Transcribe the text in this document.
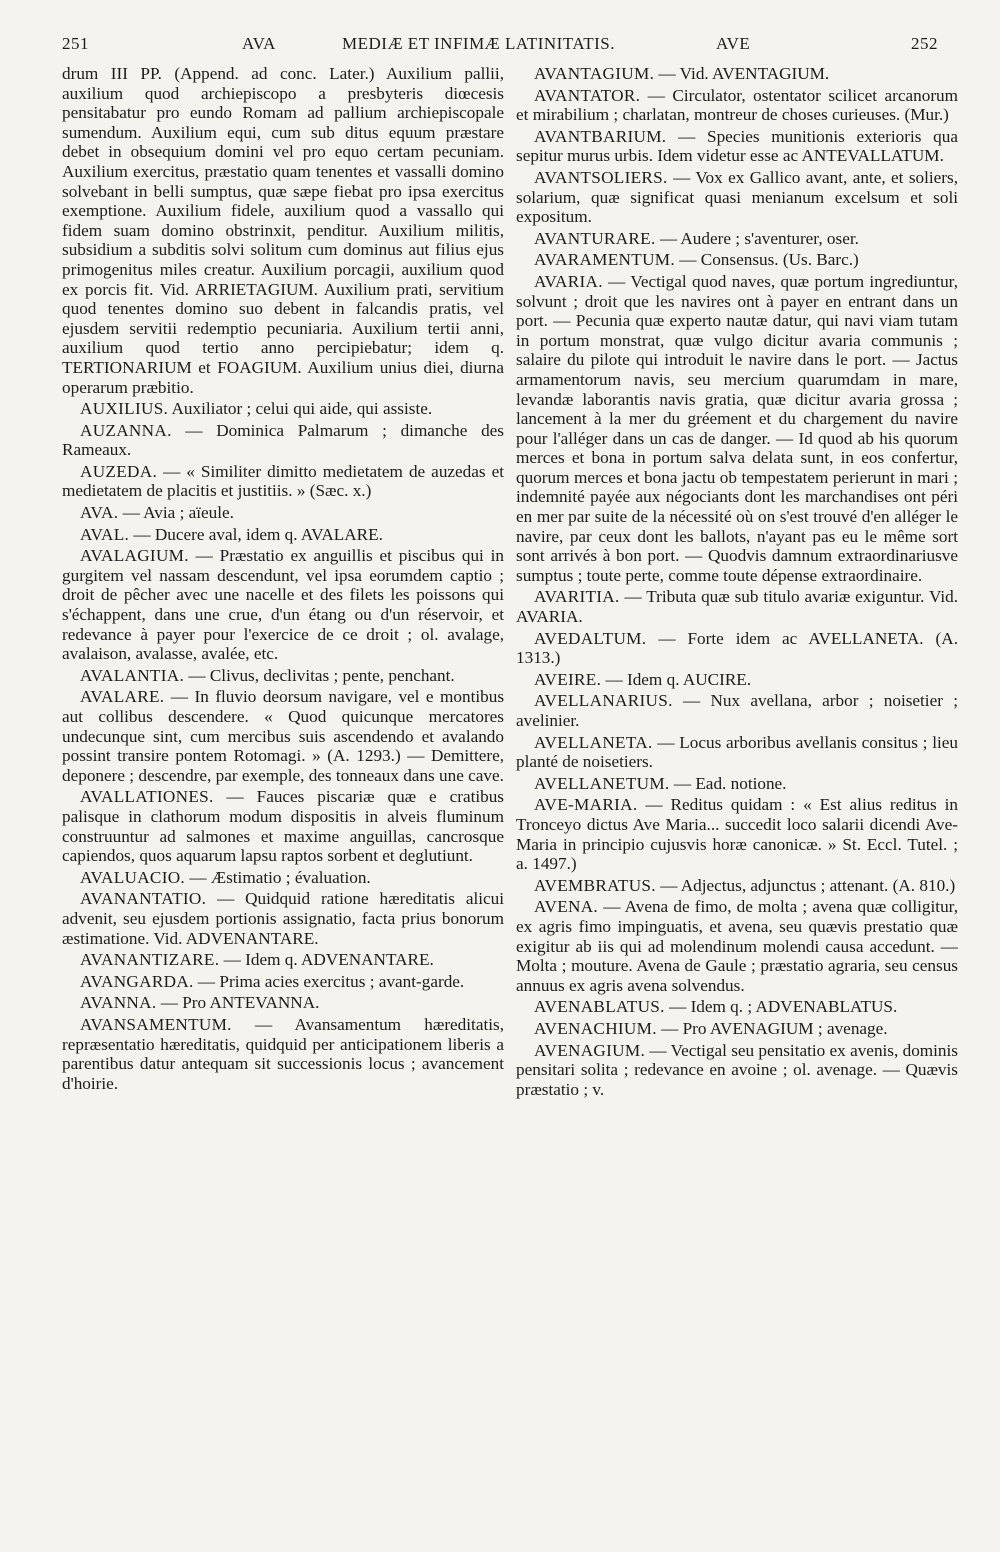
251	AVA	MEDIÆ ET INFIMÆ LATINITATIS.	AVE	252

drum III PP. (Append. ad conc. Later.) Auxilium pallii, auxilium quod archiepiscopo a presbyteris diœcesis pensitabatur pro eundo Romam ad pallium archiepiscopale sumendum. Auxilium equi, cum sub ditus equum præstare debet in obsequium domini vel pro equo certam pecuniam. Auxilium exercitus, præstatio quam tenentes et vassalli domino solvebant in belli sumptus, quæ sæpe fiebat pro ipsa exercitus exemptione. Auxilium fidele, auxilium quod a vassallo qui fidem suam domino obstrinxit, penditur. Auxilium militis, subsidium a subditis solvi solitum cum dominus aut filius ejus primogenitus miles creatur. Auxilium porcagii, auxilium quod ex porcis fit. Vid. ARRIETAGIUM. Auxilium prati, servitium quod tenentes domino suo debent in falcandis pratis, vel ejusdem servitii redemptio pecuniaria. Auxilium tertii anni, auxilium quod tertio anno percipiebatur; idem q. TERTIONARIUM et FOAGIUM. Auxilium unius diei, diurna operarum præbitio.

AUXILIUS. Auxiliator ; celui qui aide, qui assiste.

AUZANNA. — Dominica Palmarum ; dimanche des Rameaux.

AUZEDA. — « Similiter dimitto medietatem de auzedas et medietatem de placitis et justitiis. » (Sæc. x.)

AVA. — Avia ; aïeule.

AVAL. — Ducere aval, idem q. AVALARE.

AVALAGIUM. — Præstatio ex anguillis et piscibus qui in gurgitem vel nassam descendunt, vel ipsa eorumdem captio ; droit de pêcher avec une nacelle et des filets les poissons qui s'échappent, dans une crue, d'un étang ou d'un réservoir, et redevance à payer pour l'exercice de ce droit ; ol. avalage, avalaison, avalasse, avalée, etc.

AVALANTIA. — Clivus, declivitas ; pente, penchant.

AVALARE. — In fluvio deorsum navigare, vel e montibus aut collibus descendere. « Quod quicunque mercatores undecunque sint, cum mercibus suis ascendendo et avalando possint transire pontem Rotomagi. » (A. 1293.) — Demittere, deponere ; descendre, par exemple, des tonneaux dans une cave.

AVALLATIONES. — Fauces piscariæ quæ e cratibus palisque in clathorum modum dispositis in alveis fluminum construuntur ad salmones et maxime anguillas, cancrosque capiendos, quos aquarum lapsu raptos sorbent et deglutiunt.

AVALUACIO. — Æstimatio ; évaluation.

AVANANTATIO. — Quidquid ratione hæreditatis alicui advenit, seu ejusdem portionis assignatio, facta prius bonorum æstimatione. Vid. ADVENANTARE.

AVANANTIZARE. — Idem q. ADVENANTARE.

AVANGARDA. — Prima acies exercitus ; avant-garde.

AVANNA. — Pro ANTEVANNA.

AVANSAMENTUM. — Avansamentum hæreditatis, repræsentatio hæreditatis, quidquid per anticipationem liberis a parentibus datur antequam sit successionis locus ; avancement d'hoirie.

AVANTAGIUM. — Vid. AVENTAGIUM.

AVANTATOR. — Circulator, ostentator scilicet arcanorum et mirabilium ; charlatan, montreur de choses curieuses. (Mur.)

AVANTBARIUM. — Species munitionis exterioris qua sepitur murus urbis. Idem videtur esse ac ANTEVALLATUM.

AVANTSOLIERS. — Vox ex Gallico avant, ante, et soliers, solarium, quæ significat quasi menianum excelsum et soli expositum.

AVANTURARE. — Audere ; s'aventurer, oser.

AVARAMENTUM. — Consensus. (Us. Barc.)

AVARIA. — Vectigal quod naves, quæ portum ingrediuntur, solvunt ; droit que les navires ont à payer en entrant dans un port. — Pecunia quæ experto nautæ datur, qui navi viam tutam in portum monstrat, quæ vulgo dicitur avaria communis ; salaire du pilote qui introduit le navire dans le port. — Jactus armamentorum navis, seu mercium quarumdam in mare, levandæ laborantis navis gratia, quæ dicitur avaria grossa ; lancement à la mer du gréement et du chargement du navire pour l'alléger dans un cas de danger. — Id quod ab his quorum merces et bona in portum salva delata sunt, in eos confertur, quorum merces et bona jactu ob tempestatem perierunt in mari ; indemnité payée aux négociants dont les marchandises ont péri en mer par suite de la nécessité où on s'est trouvé d'en alléger le navire, par ceux dont les ballots, n'ayant pas eu le même sort sont arrivés à bon port. — Quodvis damnum extraordinariusve sumptus ; toute perte, comme toute dépense extraordinaire.

AVARITIA. — Tributa quæ sub titulo avariæ exiguntur. Vid. AVARIA.

AVEDALTUM. — Forte idem ac AVELLANETA. (A. 1313.)

AVEIRE. — Idem q. AUCIRE.

AVELLANARIUS. — Nux avellana, arbor ; noisetier ; avelinier.

AVELLANETA. — Locus arboribus avellanis consitus ; lieu planté de noisetiers.

AVELLANETUM. — Ead. notione.

AVE-MARIA. — Reditus quidam : « Est alius reditus in Tronceyo dictus Ave Maria... succedit loco salarii dicendi Ave-Maria in principio cujusvis horæ canonicæ. » St. Eccl. Tutel. ; a. 1497.)

AVEMBRATUS. — Adjectus, adjunctus ; attenant. (A. 810.)

AVENA. — Avena de fimo, de molta ; avena quæ colligitur, ex agris fimo impinguatis, et avena, seu quævis prestatio quæ exigitur ab iis qui ad molendinum molendi causa accedunt. — Molta ; mouture. Avena de Gaule ; præstatio agraria, seu census annuus ex agris avena solvendus.

AVENABLATUS. — Idem q. ; ADVENABLATUS.

AVENACHIUM. — Pro AVENAGIUM ; avenage.

AVENAGIUM. — Vectigal seu pensitatio ex avenis, dominis pensitari solita ; redevance en avoine ; ol. avenage. — Quævis præstatio ; v.
